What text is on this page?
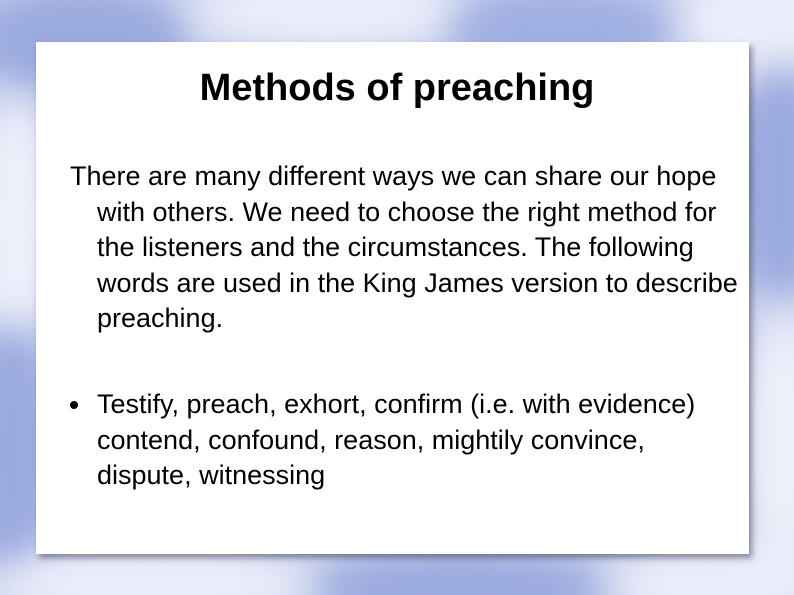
Methods of preaching

There are many different ways we can share our hope with others. We need to choose the right method for the listeners and the circumstances. The following words are used in the King James version to describe preaching.

Testify, preach, exhort, confirm (i.e. with evidence) contend, confound, reason, mightily convince, dispute, witnessing
